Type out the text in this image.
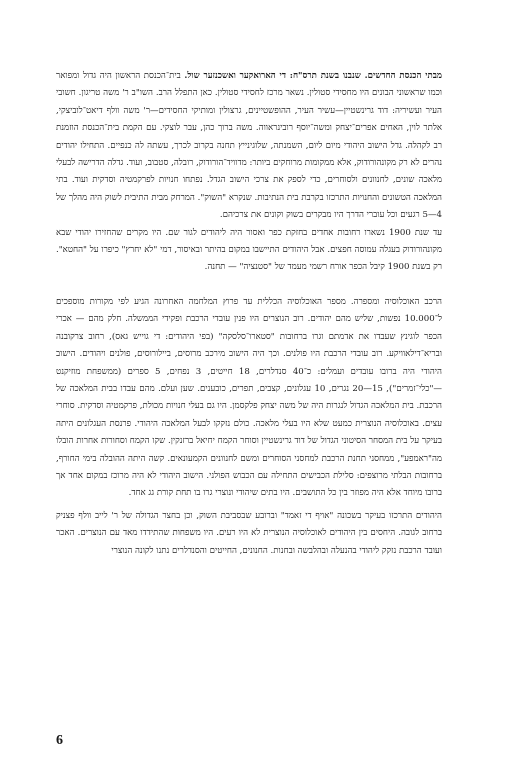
מבתי הכנסת החדשים. שנבנו בשנת תרס"ח: די הארואקער ואשכנזער שול. בית־הכנסת הראשון היה גדול ומפואר וכמו שראשוני הבונים היו מחסידי סטולין. נשאר מרכז לחסידי סטולין. כאן התפלל הרב. השו"ב ר' משה טריגון. חשובי העיר ועשיריה: דוד גרינשטיין—עשיר העיר, ההופשטיינים, גרצולין ומותיקי החסידים—ר' משה וולף דיאט־לוביצקי, אלתר לוין, האחים אפרים־יצחק ומשה־יוסף רובינראווה. משה ברוך כהן, עבר לוצקי. עם הקמת בית־הכנסת הוזמנת רב לקהלה. גדל הישוב היהודי מיום ליום, השמנתה, שלוגינייץ תחנה בקרוב לכרך, עשתה לה כנפיים. התחילו יהודים נהרים לא רק מקונהורודוק, אלא ממקומות מרוחקים ביותר: מדוויד־הורודוק, רובלה, סטבוב, ועוד. גדלה הדרישה לבעלי מלאכה שונים, לחנוונים ולסוחרים, כדי לספק את צרכי הישוב הגדל. נפתחו חנויות לפרקמטיה וסדקית ועוד. בתי המלאכה הטשונים והחנויות התרכזו בקרבת בית הנתיבות. שנקרא "השוק". המרחק מבית התיבית לשוק היה מהלך של 4—5 רגעים וכל עוברי הדרך היו מבקרים בשוק וקונים את צרכיהם.

עד שנת 1900 נשארו רחובות אחדים בחזקת כפר ואסור היה ליהודים לגור שם. היו מקרים שהחזירו יהודי שבא מקונהורודוק בעגלה עמוסה חפצים. אבל היהודים התיישבו במקום בהיתר ובאיסור, דמי "לא יחרץ" כיפרו על "החטא". רק בשנת 1900 קיבל הכפר אורח רשמי מעמד של "סטנציה" — תחנה.

הרכב האוכלוסיה ומספרה. מספר האוכלוסיה הכללית עד פרוץ המלחמה האחרונה הגיע לפי מקורות מוספכים ל־10.000 נפשות, שליש מהם יהודים. רוב הנוצרים היו פנין עובדי הרכבת ופקידי הממשלה. חלק מהם — אכרי הכפר לוגינץ שעבדו את אדמתם וגרו ברחובות "סטארו־סלסקה" (בפי היהודים: די גוייש גאס), רחוב צרקובנה ובריא־דילאוויקע. רוב עובדי הרכבת היו פולנים. וכך היה הישוב מירכב מרוסים, ביילורוסים, פולנים ויהודים. הישוב היהודי היה ברובו עובדים ועמלים: כ־40 סנדלרים, 18 חייטים, 3 נפחים, 5 ספרים (ממשפחת מוזיקנט—"כלי־זמרים"), 15—20 נגרים, 10 עגלונים, קצבים, תפרים, כובענים. שען ועלם. מהם עבדו בבית המלאכה של הרכבת. בית המלאכה הגדול לנגרות היה של משה יצחק פלקסמן. היו גם בעלי חנויות מכולת, פרקמטיה וסדקית. סוחרי עצים. באוכלוסיה הנוצרית כמעט שלא היו בעלי מלאכה. כולם נזקקו לבעל המלאכה היהודי. פרנסת העגלונים היתה בעיקר על בית המסחר הסיטוני הגדול של דוד גרינשטיין וסוחר הקמח יחיאל ברזנקין. שקו הקמח וסחורות אחרות הובלו מה"ראמפע", ממחסני תחנת הרכבת למחסני הסוחרים ומשם לחנוונים הקמעונאים. קשה היתה ההובלה בימי החורף, ברחובות הבלתי מרוצפים: סלילת הכבישים התחילה עם הכבוש הפולני. הישוב היהודי לא היה מרוכז במקום אחד אך ברובו מיוחד אלא היה מפוזר בין כל התושבים. היו בתים שיהודי ונוצרי גרו בו תחת קורת גג אחד.

היהודים התרכזו בעיקר בשכונה "אויף די זאמד" וברובע שבסביבת השוק, וכן בחצר הגדולה של ר' לייב וולף פצניק ברחוב לגובה. היחסים בין היהודים לאוכלוסיה הנוצרית לא היו רעים. היו משפחות שהתידדו מאד עם הנוצרים. האכר ועובד הרכבת נזקק ליהודי בהנעלה ובהלבשה ובחנות. החנונים, החייטים והסנדלרים נתנו לקונה הנוצרי

6
